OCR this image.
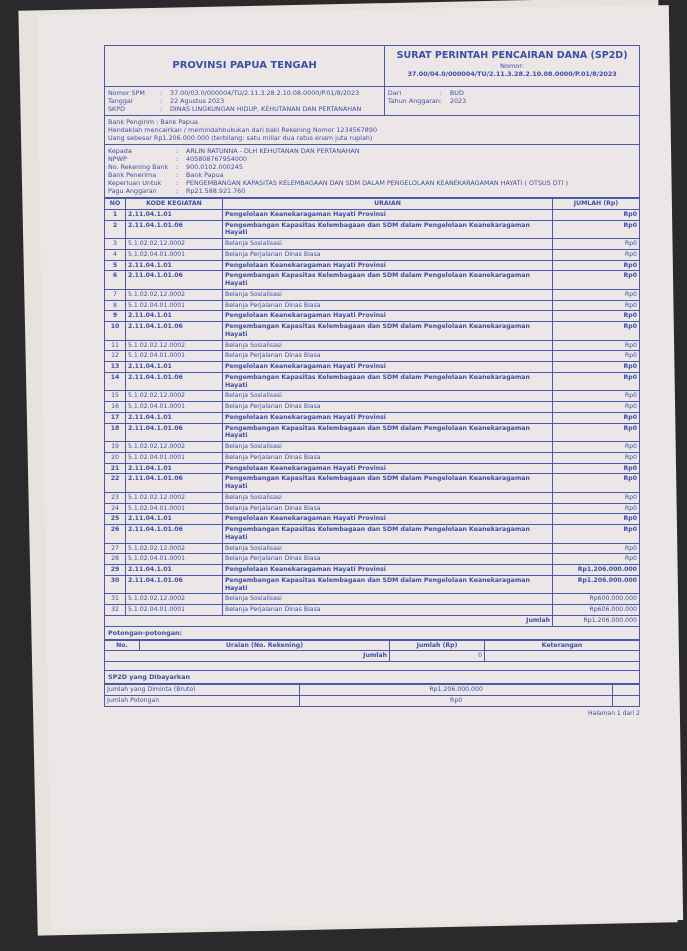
PROVINSI PAPUA TENGAH
SURAT PERINTAH PENCAIRAN DANA (SP2D)
Nomor:
37.00/04.0/000004/TU/2.11.3.28.2.10.08.0000/P.01/8/2023
Nomor SPM	:	37.00/03.0/000004/TU/2.11.3.28.2.10.08.0000/P.01/8/2023
Tanggal	:	22 Agustus 2023
SKPD	:	DINAS LINGKUNGAN HIDUP, KEHUTANAN DAN PERTANAHAN
Dari	:	BUD
Tahun Anggaran :	2023
Bank Pengirim : Bank Papua
Hendaklah mencairkan / memindahbukukan dari baki Rekening Nomor 1234567890
Uang sebesar Rp1.206.000.000 (terbilang: satu miliar dua ratus enam juta rupiah)
Kepada	:	ARLIN RATUNNA - DLH KEHUTANAN DAN PERTANAHAN
NPWP	:	405808767954000
No. Rekening Bank	:	900.0102.000245
Bank Penerima	:	Bank Papua
Keperluan Untuk	:	PENGEMBANGAN KAPASITAS KELEMBAGAAN DAN SDM DALAM PENGELOLAAN KEANEKARAGAMAN HAYATI ( OTSUS DTI )
Pagu Anggaran	:	Rp21.588.921.760
NO	KODE KEGIATAN	URAIAN	JUMLAH (Rp)
1	2.11.04.1.01	Pengelolaan Keanekaragaman Hayati Provinsi	Rp0
2	2.11.04.1.01.06	Pengembangan Kapasitas Kelembagaan dan SDM dalam Pengelolaan Keanekaragaman Hayati	Rp0
3	5.1.02.02.12.0002	Belanja Sosialisasi	Rp0
4	5.1.02.04.01.0001	Belanja Perjalanan Dinas Biasa	Rp0
5	2.11.04.1.01	Pengelolaan Keanekaragaman Hayati Provinsi	Rp0
6	2.11.04.1.01.06	Pengembangan Kapasitas Kelembagaan dan SDM dalam Pengelolaan Keanekaragaman Hayati	Rp0
7	5.1.02.02.12.0002	Belanja Sosialisasi	Rp0
8	5.1.02.04.01.0001	Belanja Perjalanan Dinas Biasa	Rp0
9	2.11.04.1.01	Pengelolaan Keanekaragaman Hayati Provinsi	Rp0
10	2.11.04.1.01.06	Pengembangan Kapasitas Kelembagaan dan SDM dalam Pengelolaan Keanekaragaman Hayati	Rp0
11	5.1.02.02.12.0002	Belanja Sosialisasi	Rp0
12	5.1.02.04.01.0001	Belanja Perjalanan Dinas Biasa	Rp0
13	2.11.04.1.01	Pengelolaan Keanekaragaman Hayati Provinsi	Rp0
14	2.11.04.1.01.06	Pengembangan Kapasitas Kelembagaan dan SDM dalam Pengelolaan Keanekaragaman Hayati	Rp0
15	5.1.02.02.12.0002	Belanja Sosialisasi	Rp0
16	5.1.02.04.01.0001	Belanja Perjalanan Dinas Biasa	Rp0
17	2.11.04.1.01	Pengelolaan Keanekaragaman Hayati Provinsi	Rp0
18	2.11.04.1.01.06	Pengembangan Kapasitas Kelembagaan dan SDM dalam Pengelolaan Keanekaragaman Hayati	Rp0
19	5.1.02.02.12.0002	Belanja Sosialisasi	Rp0
20	5.1.02.04.01.0001	Belanja Perjalanan Dinas Biasa	Rp0
21	2.11.04.1.01	Pengelolaan Keanekaragaman Hayati Provinsi	Rp0
22	2.11.04.1.01.06	Pengembangan Kapasitas Kelembagaan dan SDM dalam Pengelolaan Keanekaragaman Hayati	Rp0
23	5.1.02.02.12.0002	Belanja Sosialisasi	Rp0
24	5.1.02.04.01.0001	Belanja Perjalanan Dinas Biasa	Rp0
25	2.11.04.1.01	Pengelolaan Keanekaragaman Hayati Provinsi	Rp0
26	2.11.04.1.01.06	Pengembangan Kapasitas Kelembagaan dan SDM dalam Pengelolaan Keanekaragaman Hayati	Rp0
27	5.1.02.02.12.0002	Belanja Sosialisasi	Rp0
28	5.1.02.04.01.0001	Belanja Perjalanan Dinas Biasa	Rp0
29	2.11.04.1.01	Pengelolaan Keanekaragaman Hayati Provinsi	Rp1.206.000.000
30	2.11.04.1.01.06	Pengembangan Kapasitas Kelembagaan dan SDM dalam Pengelolaan Keanekaragaman Hayati	Rp1.206.000.000
31	5.1.02.02.12.0002	Belanja Sosialisasi	Rp600.000.000
32	5.1.02.04.01.0001	Belanja Perjalanan Dinas Biasa	Rp606.000.000
Jumlah			Rp1.206.000.000
Potongan-potongan:
No.	Uraian (No. Rekening)	Jumlah (Rp)	Keterangan
Jumlah		0	
SP2D yang Dibayarkan
Jumlah yang Diminta (Bruto)	Rp1.206.000.000	
Jumlah Potongan	Rp0	
Halaman 1 dari 2
